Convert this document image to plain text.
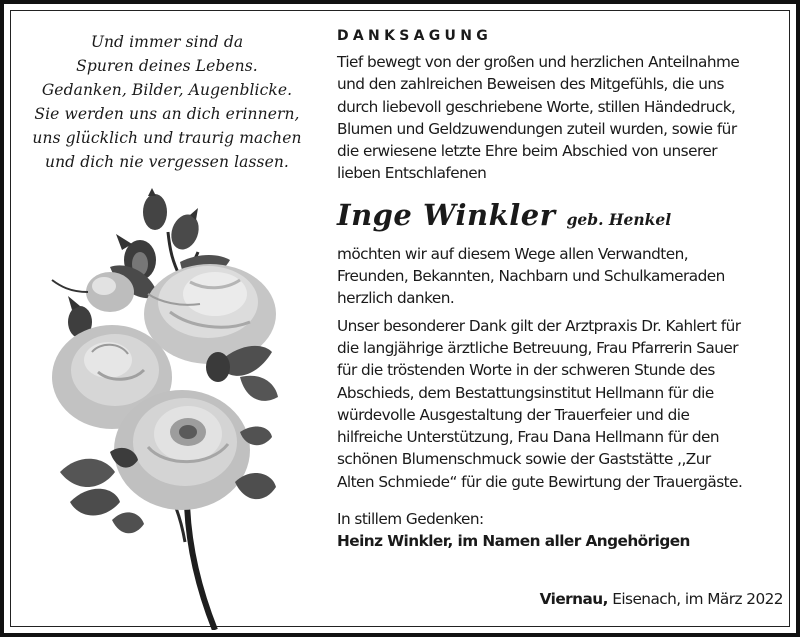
Und immer sind da
Spuren deines Lebens.
Gedanken, Bilder, Augenblicke.
Sie werden uns an dich erinnern,
uns glücklich und traurig machen
und dich nie vergessen lassen.
DANKSAGUNG
Tief bewegt von der großen und herzlichen Anteilnahme
und den zahlreichen Beweisen des Mitgefühls, die uns
durch liebevoll geschriebene Worte, stillen Händedruck,
Blumen und Geldzuwendungen zuteil wurden, sowie für
die erwiesene letzte Ehre beim Abschied von unserer
lieben Entschlafenen
Inge Winkler geb. Henkel
möchten wir auf diesem Wege allen Verwandten,
Freunden, Bekannten, Nachbarn und Schulkameraden
herzlich danken.
Unser besonderer Dank gilt der Arztpraxis Dr. Kahlert für
die langjährige ärztliche Betreuung, Frau Pfarrerin Sauer
für die tröstenden Worte in der schweren Stunde des
Abschieds, dem Bestattungsinstitut Hellmann für die
würdevolle Ausgestaltung der Trauerfeier und die
hilfreiche Unterstützung, Frau Dana Hellmann für den
schönen Blumenschmuck sowie der Gaststätte ,,Zur
Alten Schmiede“ für die gute Bewirtung der Trauergäste.
In stillem Gedenken:
Heinz Winkler, im Namen aller Angehörigen
Viernau, Eisenach, im März 2022
